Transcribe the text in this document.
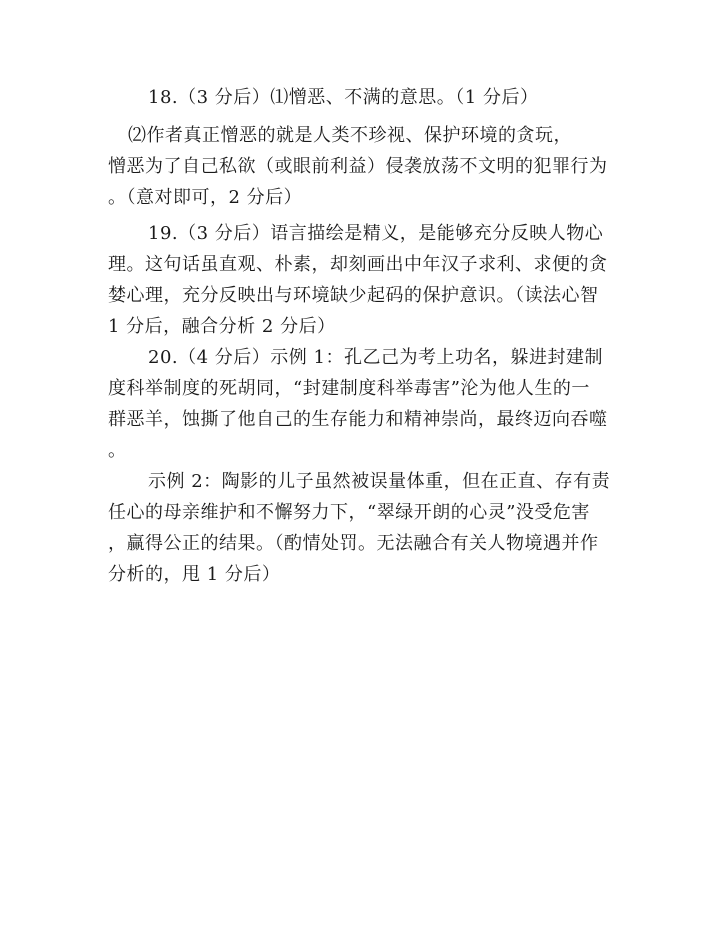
18.（3 分后）⑴憎恶、不满的意思。（1 分后）
⑵作者真正憎恶的就是人类不珍视、保护环境的贪玩，
憎恶为了自己私欲（或眼前利益）侵袭放荡不文明的犯罪行为
。（意对即可，2 分后）
19.（3 分后）语言描绘是精义，是能够充分反映人物心
理。这句话虽直观、朴素，却刻画出中年汉子求利、求便的贪
婪心理，充分反映出与环境缺少起码的保护意识。（读法心智
1 分后，融合分析 2 分后）
20.（4 分后）示例 1：孔乙己为考上功名，躲进封建制
度科举制度的死胡同，“封建制度科举毒害”沦为他人生的一
群恶羊，蚀撕了他自己的生存能力和精神崇尚，最终迈向吞噬
。
示例 2：陶影的儿子虽然被误量体重，但在正直、存有责
任心的母亲维护和不懈努力下，“翠绿开朗的心灵”没受危害
，赢得公正的结果。（酌情处罚。无法融合有关人物境遇并作
分析的，甩 1 分后）
